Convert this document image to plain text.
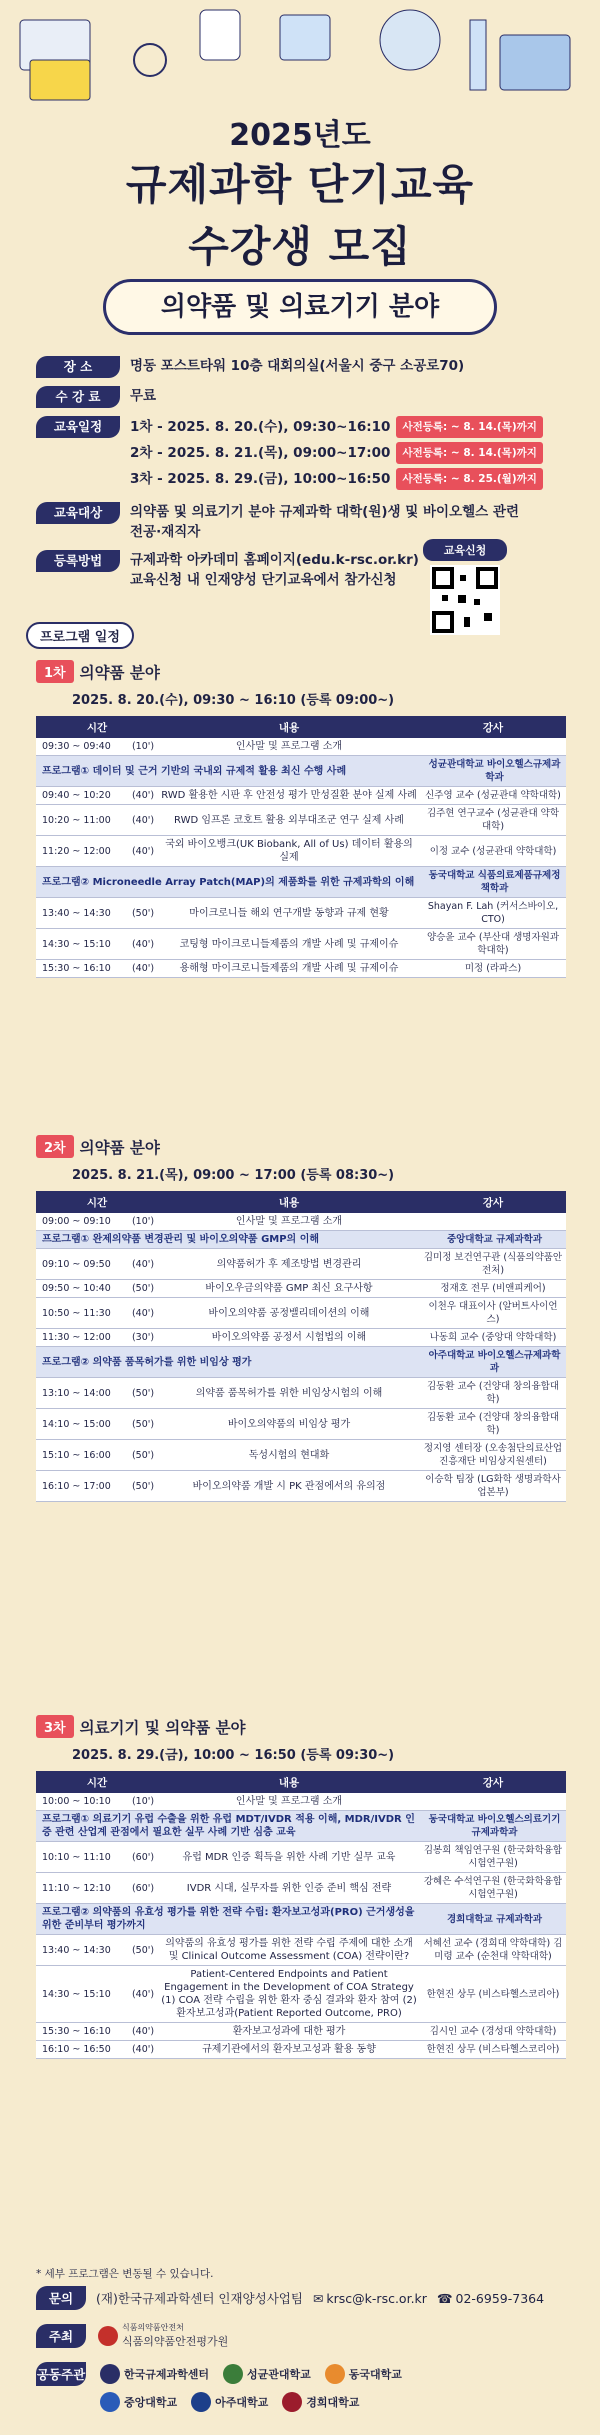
2025년도
규제과학 단기교육
수강생 모집
의약품 및 의료기기 분야
장 소	명동 포스트타워 10층 대회의실(서울시 중구 소공로70)
수 강 료	무료
교육일정	1차 - 2025. 8. 20.(수), 09:30~16:10	사전등록: ~ 8. 14.(목)까지
2차 - 2025. 8. 21.(목), 09:00~17:00	사전등록: ~ 8. 14.(목)까지
3차 - 2025. 8. 29.(금), 10:00~16:50	사전등록: ~ 8. 25.(월)까지
교육대상	의약품 및 의료기기 분야 규제과학 대학(원)생 및 바이오헬스 관련
전공·재직자
등록방법	규제과학 아카데미 홈페이지(edu.k-rsc.or.kr)
교육신청 내 인재양성 단기교육에서 참가신청
교육신청
프로그램 일정
1차 의약품 분야
2025. 8. 20.(수), 09:30 ~ 16:10 (등록 09:00~)
시간		내용	강사
09:30 ~ 09:40	(10')	인사말 및 프로그램 소개	
프로그램① 데이터 및 근거 기반의 국내외 규제적 활용 최신 수행 사례			성균관대학교 바이오헬스규제과학과
09:40 ~ 10:20	(40')	RWD 활용한 시판 후 안전성 평가 만성질환 분야 실제 사례	신주영 교수 (성균관대 약학대학)
10:20 ~ 11:00	(40')	RWD 임프론 코호트 활용 외부대조군 연구 실제 사례	김주현 연구교수 (성균관대 약학대학)
11:20 ~ 12:00	(40')	국외 바이오뱅크(UK Biobank, All of Us) 데이터 활용의 실제	이정 교수 (성균관대 약학대학)
프로그램② Microneedle Array Patch(MAP)의 제품화를 위한 규제과학의 이해			동국대학교 식품의료제품규제정책학과
13:40 ~ 14:30	(50')	마이크로니들 해외 연구개발 동향과 규제 현황	Shayan F. Lah (커서스바이오, CTO)
14:30 ~ 15:10	(40')	코팅형 마이크로니들제품의 개발 사례 및 규제이슈	양승윤 교수 (부산대 생명자원과학대학)
15:30 ~ 16:10	(40')	용해형 마이크로니들제품의 개발 사례 및 규제이슈	미정 (라파스)
2차 의약품 분야
2025. 8. 21.(목), 09:00 ~ 17:00 (등록 08:30~)
시간		내용	강사
09:00 ~ 09:10	(10')	인사말 및 프로그램 소개	
프로그램① 완제의약품 변경관리 및 바이오의약품 GMP의 이해			중앙대학교 규제과학과
09:10 ~ 09:50	(40')	의약품허가 후 제조방법 변경관리	김미정 보건연구관 (식품의약품안전처)
09:50 ~ 10:40	(50')	바이오우금의약품 GMP 최신 요구사항	정재호 전무 (비앤피케어)
10:50 ~ 11:30	(40')	바이오의약품 공정밸리데이션의 이해	이천우 대표이사 (알버트사이언스)
11:30 ~ 12:00	(30')	바이오의약품 공정서 시험법의 이해	나동희 교수 (중앙대 약학대학)
프로그램② 의약품 품목허가를 위한 비임상 평가			아주대학교 바이오헬스규제과학과
13:10 ~ 14:00	(50')	의약품 품목허가를 위한 비임상시험의 이해	김동환 교수 (건양대 창의융합대학)
14:10 ~ 15:00	(50')	바이오의약품의 비임상 평가	김동환 교수 (건양대 창의융합대학)
15:10 ~ 16:00	(50')	독성시험의 현대화	정지영 센터장 (오송첨단의료산업진흥재단 비임상지원센터)
16:10 ~ 17:00	(50')	바이오의약품 개발 시 PK 관점에서의 유의점	이승학 팀장 (LG화학 생명과학사업본부)
3차 의료기기 및 의약품 분야
2025. 8. 29.(금), 10:00 ~ 16:50 (등록 09:30~)
시간		내용	강사
10:00 ~ 10:10	(10')	인사말 및 프로그램 소개	
프로그램① 의료기기 유럽 수출을 위한 유럽 MDT/IVDR 적용 이해, MDR/IVDR 인증 관련 산업계 관점에서 필요한 실무 사례 기반 심층 교육			동국대학교 바이오헬스의료기기규제과학과
10:10 ~ 11:10	(60')	유럽 MDR 인증 획득을 위한 사례 기반 실무 교육	김봉희 책임연구원 (한국화학융합시험연구원)
11:10 ~ 12:10	(60')	IVDR 시대, 실무자를 위한 인증 준비 핵심 전략	강혜은 수석연구원 (한국화학융합시험연구원)
프로그램② 의약품의 유효성 평가를 위한 전략 수립: 환자보고성과(PRO) 근거생성을 위한 준비부터 평가까지			경희대학교 규제과학과
13:40 ~ 14:30	(50')	의약품의 유효성 평가를 위한 전략 수립 주제에 대한 소개 및 Clinical Outcome Assessment (COA) 전략이란?	서혜선 교수 (경희대 약학대학) 김미령 교수 (순천대 약학대학)
14:30 ~ 15:10	(40')	Patient-Centered Endpoints and Patient Engagement in the Development of COA Strategy (1) COA 전략 수립을 위한 환자 중심 결과와 환자 참여 (2) 환자보고성과(Patient Reported Outcome, PRO)	한현진 상무 (비스타헬스코리아)
15:30 ~ 16:10	(40')	환자보고성과에 대한 평가	김시인 교수 (경성대 약학대학)
16:10 ~ 16:50	(40')	규제기관에서의 환자보고성과 활용 동향	한현진 상무 (비스타헬스코리아)
* 세부 프로그램은 변동될 수 있습니다.
문의	(재)한국규제과학센터 인재양성사업팀 ✉ krsc@k-rsc.or.kr ☎ 02-6959-7364
주최
식품의약품안전처
식품의약품안전평가원
공동주관	한국규제과학센터	성균관대학교	동국대학교
중앙대학교	아주대학교	경희대학교
